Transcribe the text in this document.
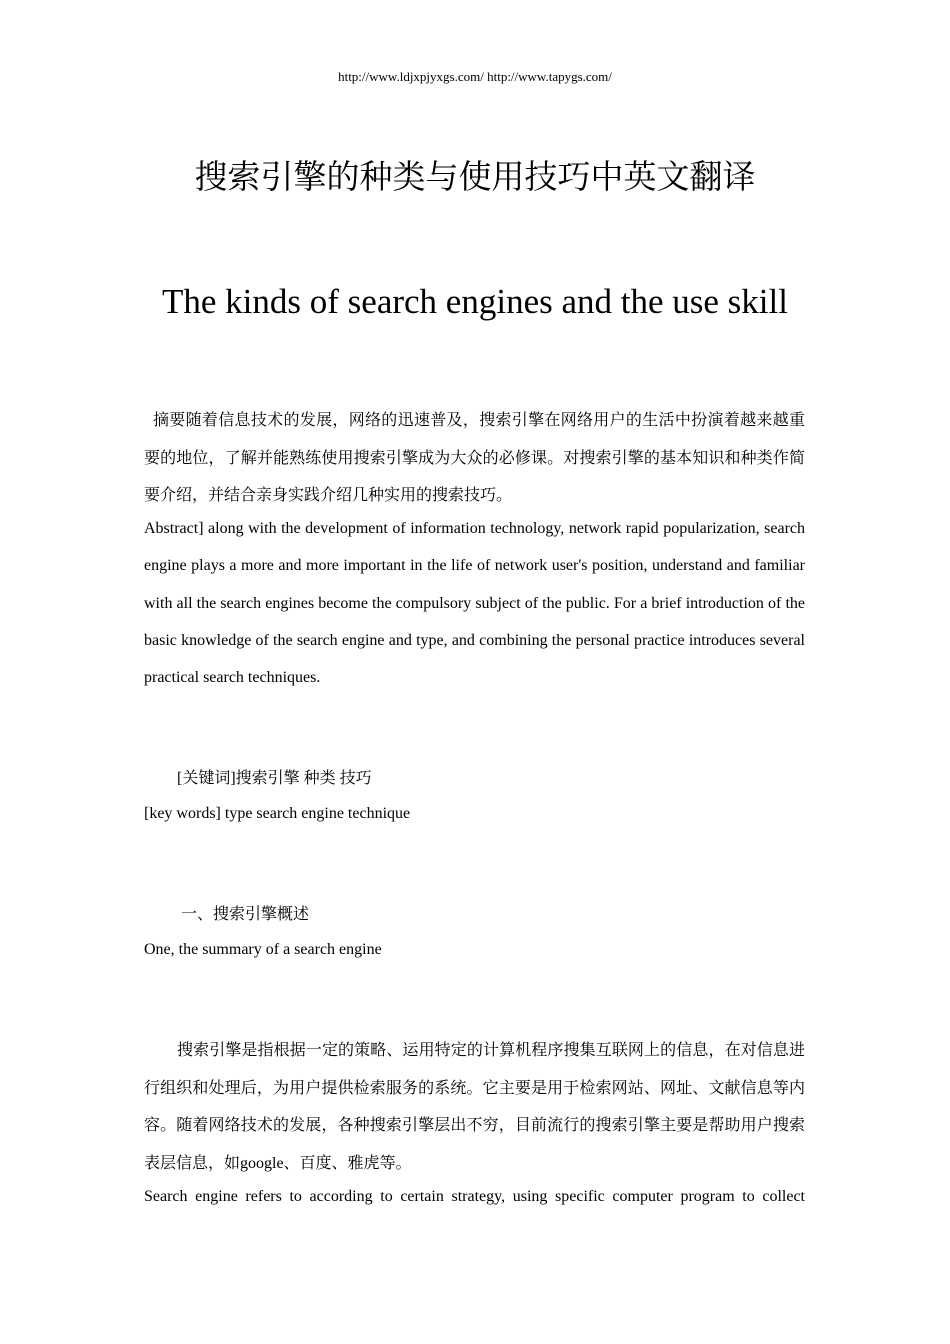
http://www.ldjxpjyxgs.com/ http://www.tapygs.com/
搜索引擎的种类与使用技巧中英文翻译
The kinds of search engines and the use skill

摘要随着信息技术的发展，网络的迅速普及，搜索引擎在网络用户的生活中扮演着越来越重要的地位，了解并能熟练使用搜索引擎成为大众的必修课。对搜索引擎的基本知识和种类作简要介绍，并结合亲身实践介绍几种实用的搜索技巧。

Abstract] along with the development of information technology, network rapid popularization, search engine plays a more and more important in the life of network user's position, understand and familiar with all the search engines become the compulsory subject of the public. For a brief introduction of the basic knowledge of the search engine and type, and combining the personal practice introduces several practical search techniques.

[关键词]搜索引擎 种类 技巧

[key words] type search engine technique

一、搜索引擎概述

One, the summary of a search engine

搜索引擎是指根据一定的策略、运用特定的计算机程序搜集互联网上的信息，在对信息进行组织和处理后，为用户提供检索服务的系统。它主要是用于检索网站、网址、文献信息等内容。随着网络技术的发展，各种搜索引擎层出不穷，目前流行的搜索引擎主要是帮助用户搜索表层信息，如google、百度、雅虎等。

Search engine refers to according to certain strategy, using specific computer program to collect
